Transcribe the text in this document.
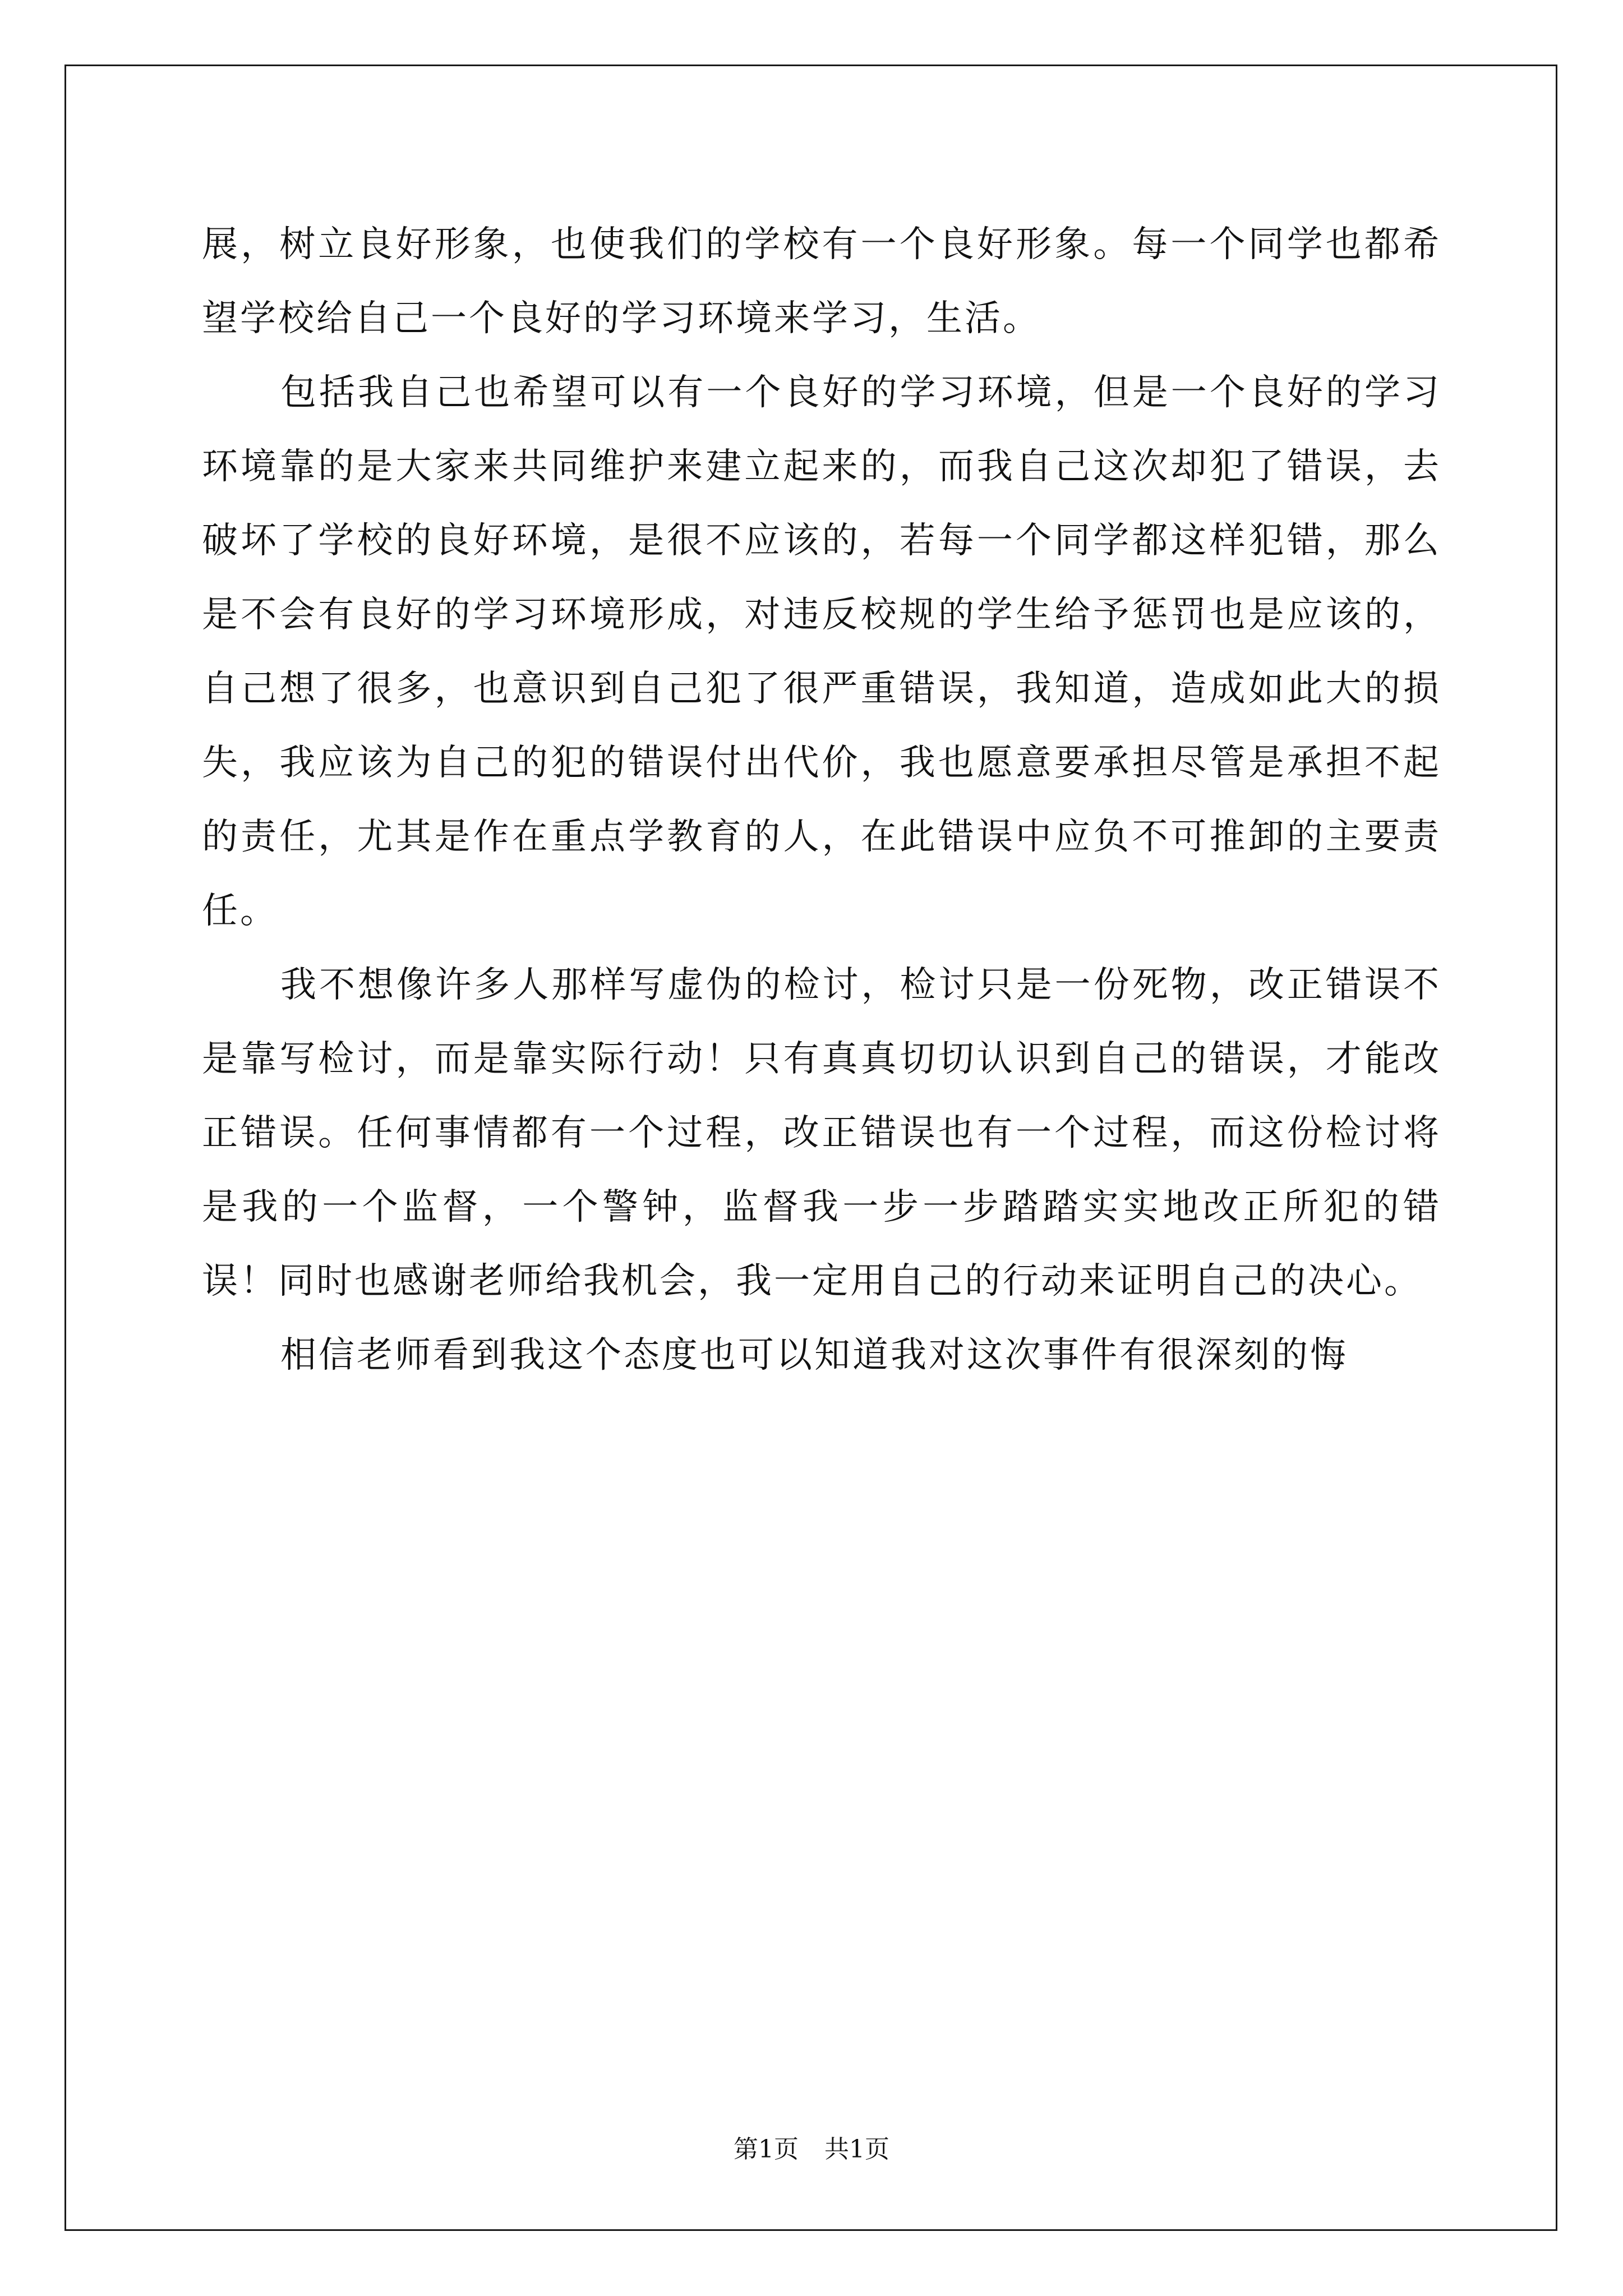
展，树立良好形象，也使我们的学校有一个良好形象。每一个同学也都希望学校给自己一个良好的学习环境来学习，生活。

包括我自己也希望可以有一个良好的学习环境，但是一个良好的学习环境靠的是大家来共同维护来建立起来的，而我自己这次却犯了错误，去破坏了学校的良好环境，是很不应该的，若每一个同学都这样犯错，那么是不会有良好的学习环境形成，对违反校规的学生给予惩罚也是应该的，自己想了很多，也意识到自己犯了很严重错误，我知道，造成如此大的损失，我应该为自己的犯的错误付出代价，我也愿意要承担尽管是承担不起的责任，尤其是作在重点学教育的人，在此错误中应负不可推卸的主要责任。

我不想像许多人那样写虚伪的检讨，检讨只是一份死物，改正错误不是靠写检讨，而是靠实际行动！只有真真切切认识到自己的错误，才能改正错误。任何事情都有一个过程，改正错误也有一个过程，而这份检讨将是我的一个监督，一个警钟，监督我一步一步踏踏实实地改正所犯的错误！同时也感谢老师给我机会，我一定用自己的行动来证明自己的决心。

相信老师看到我这个态度也可以知道我对这次事件有很深刻的悔

第1页 共1页
